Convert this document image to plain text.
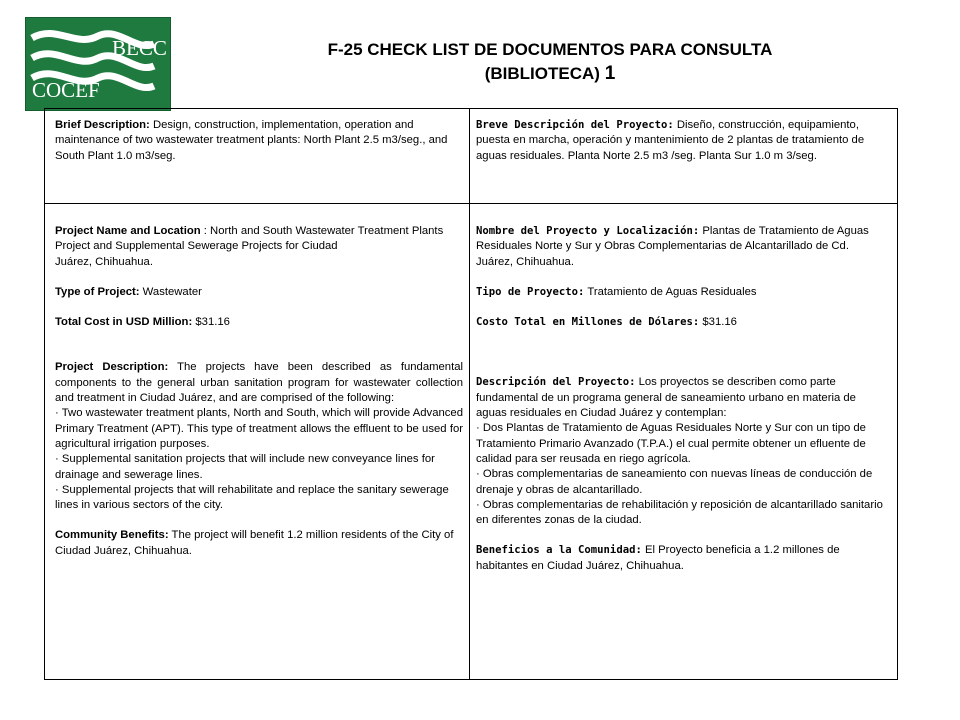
BECC
COCEF
F-25 CHECK LIST DE DOCUMENTOS PARA CONSULTA
(BIBLIOTECA) 1

Brief Description: Design, construction, implementation, operation and maintenance of two wastewater treatment plants: North Plant 2.5 m3/seg., and South Plant 1.0 m3/seg.

Breve Descripción del Proyecto: Diseño, construcción, equipamiento, puesta en marcha, operación y mantenimiento de 2 plantas de tratamiento de aguas residuales. Planta Norte 2.5 m3 /seg. Planta Sur 1.0 m 3/seg.

Project Name and Location : North and South Wastewater Treatment Plants Project and Supplemental Sewerage Projects for Ciudad

Juárez, Chihuahua.

Type of Project: Wastewater

Total Cost in USD Million: $31.16

Project Description: The projects have been described as fundamental components to the general urban sanitation program for wastewater collection and treatment in Ciudad Juárez, and are comprised of the following:

· Two wastewater treatment plants, North and South, which will provide Advanced Primary Treatment (APT). This type of treatment allows the effluent to be used for agricultural irrigation purposes.

· Supplemental sanitation projects that will include new conveyance lines for drainage and sewerage lines.

· Supplemental projects that will rehabilitate and replace the sanitary sewerage lines in various sectors of the city.

Community Benefits: The project will benefit 1.2 million residents of the City of Ciudad Juárez, Chihuahua.

Nombre del Proyecto y Localización: Plantas de Tratamiento de Aguas Residuales Norte y Sur y Obras Complementarias de Alcantarillado de Cd. Juárez, Chihuahua.

Tipo de Proyecto: Tratamiento de Aguas Residuales

Costo Total en Millones de Dólares: $31.16

Descripción del Proyecto: Los proyectos se describen como parte fundamental de un programa general de saneamiento urbano en materia de aguas residuales en Ciudad Juárez y contemplan:

· Dos Plantas de Tratamiento de Aguas Residuales Norte y Sur con un tipo de Tratamiento Primario Avanzado (T.P.A.) el cual permite obtener un efluente de calidad para ser reusada en riego agrícola.

· Obras complementarias de saneamiento con nuevas líneas de conducción de drenaje y obras de alcantarillado.

· Obras complementarias de rehabilitación y reposición de alcantarillado sanitario en diferentes zonas de la ciudad.

Beneficios a la Comunidad: El Proyecto beneficia a 1.2 millones de habitantes en Ciudad Juárez, Chihuahua.
